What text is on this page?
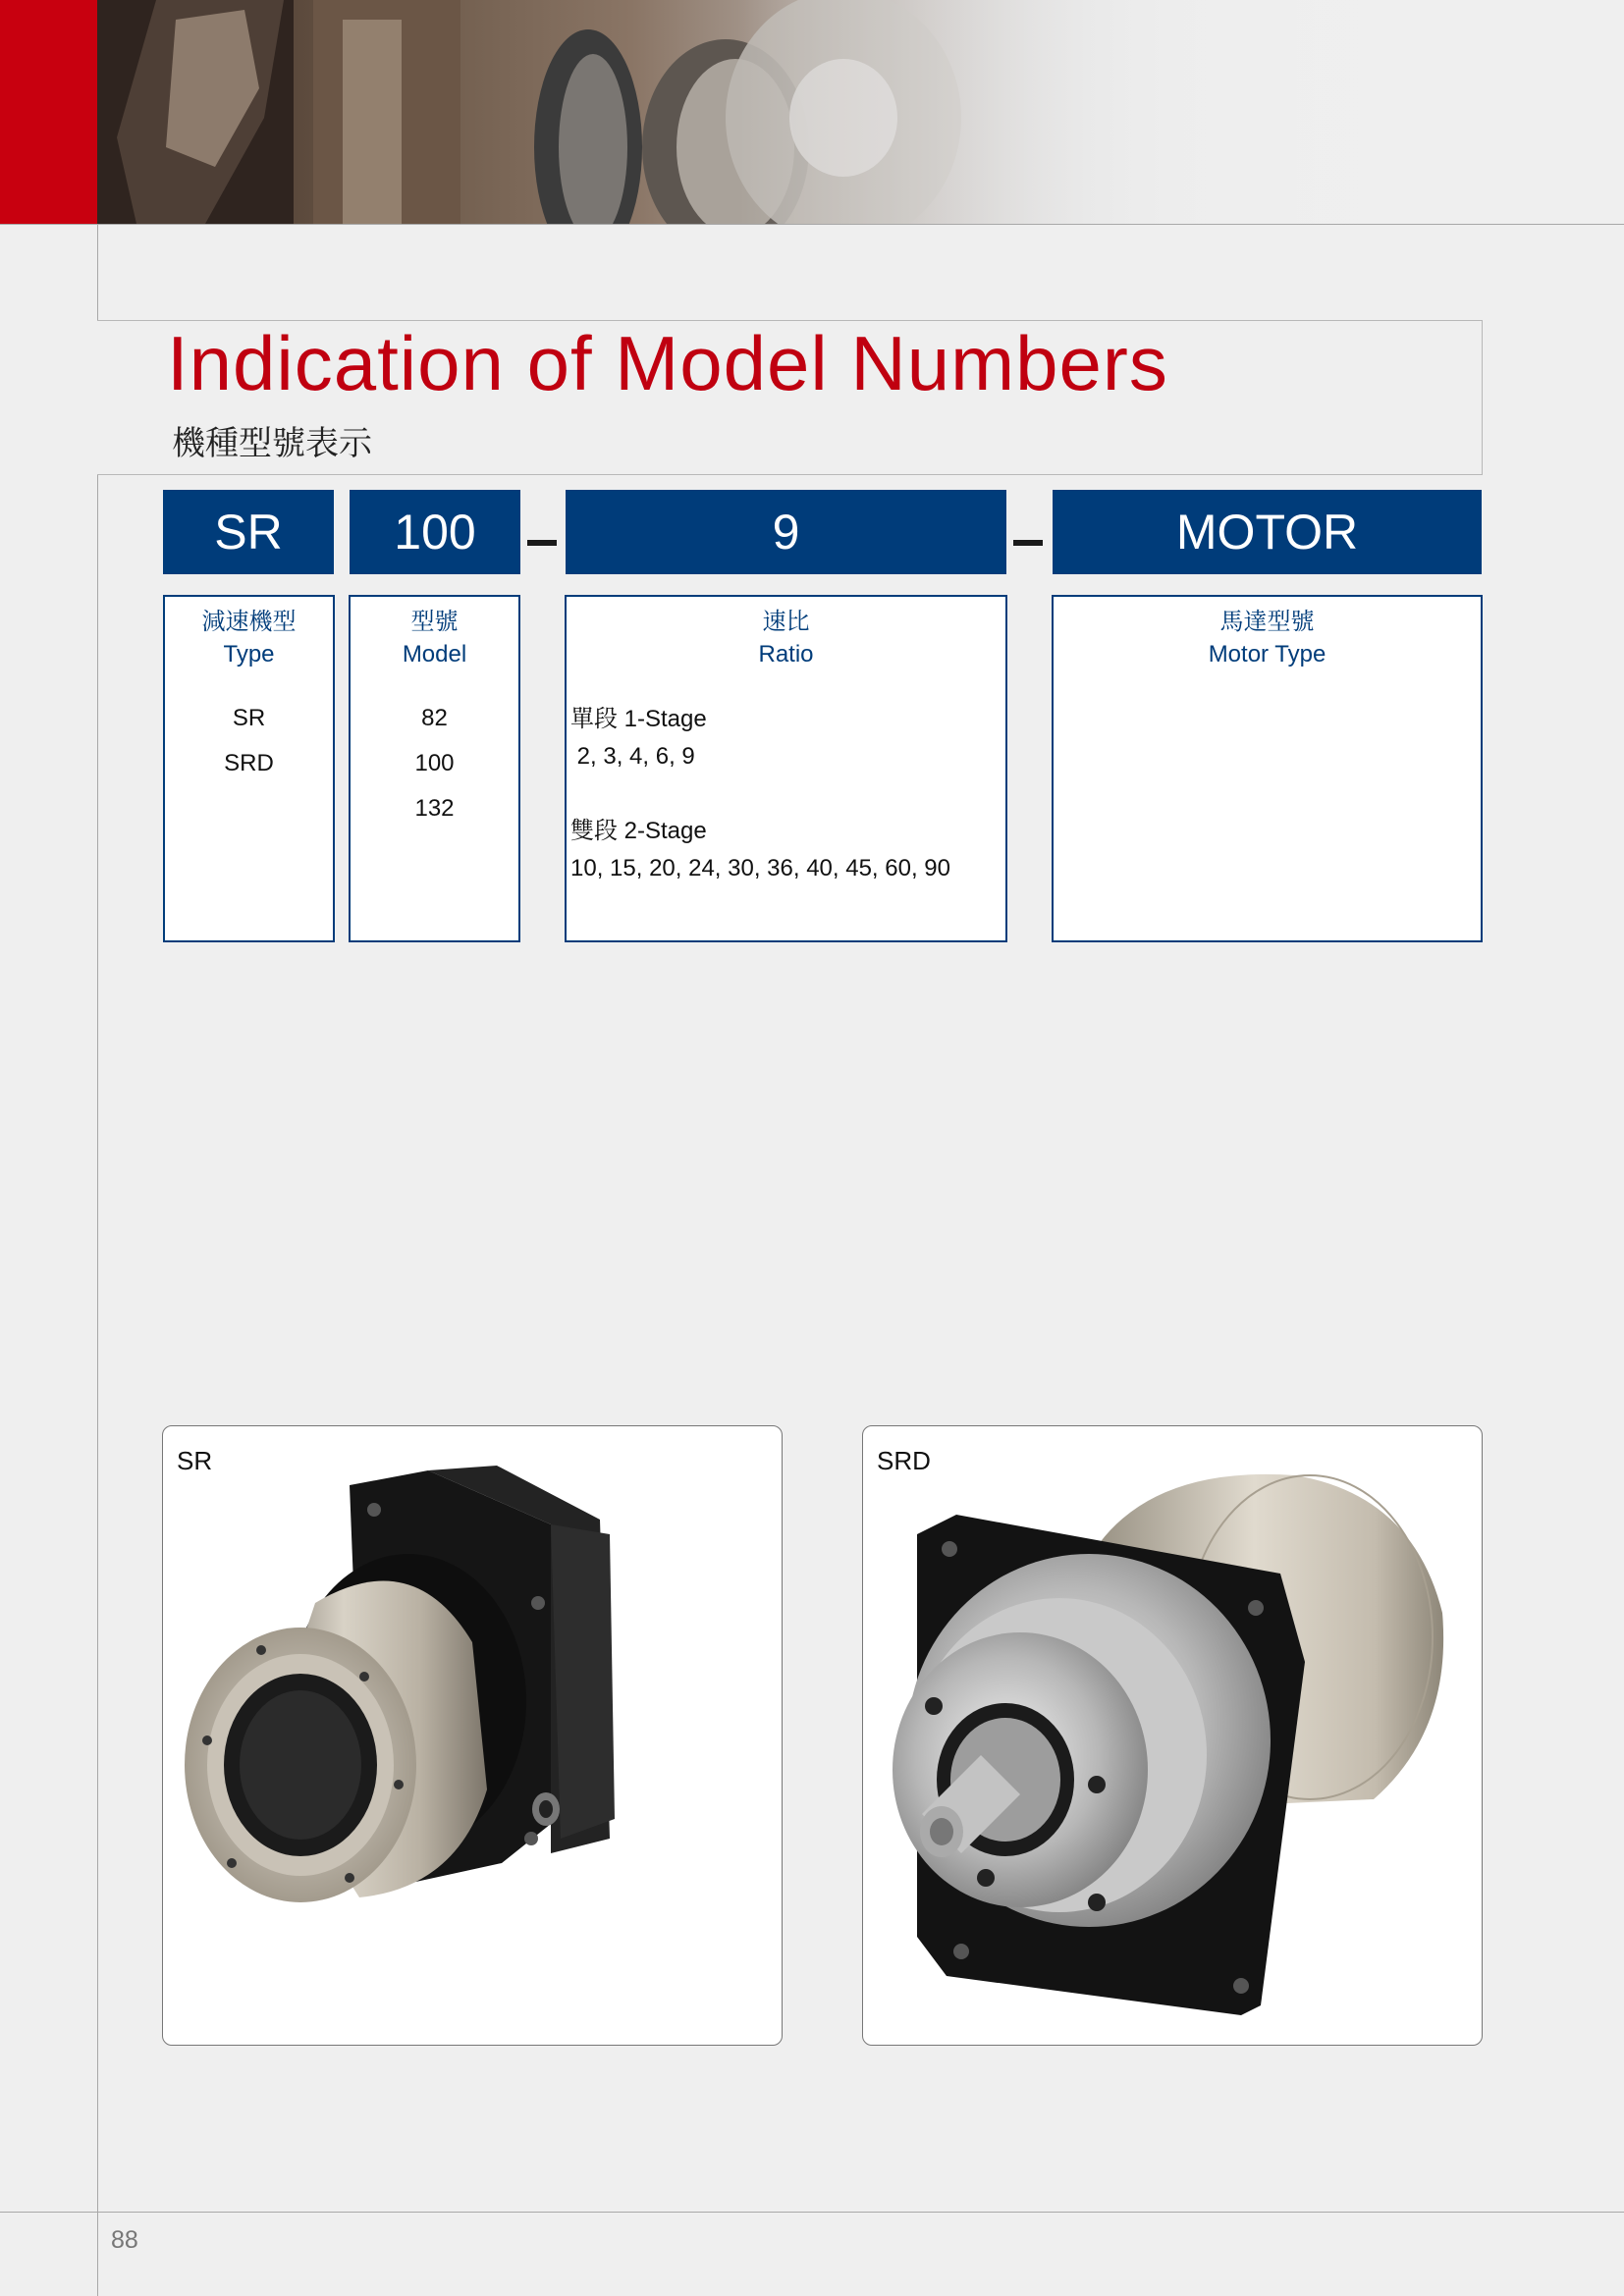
Indication of Model Numbers

機種型號表示

SR	100	9	MOTOR
減速機型
Type
SR
SRD
型號
Model
82
100
132
速比
Ratio
單段 1-Stage
2, 3, 4, 6, 9
雙段 2-Stage
10, 15, 20, 24, 30, 36, 40, 45, 60, 90
馬達型號
Motor Type
SR	SRD
88
